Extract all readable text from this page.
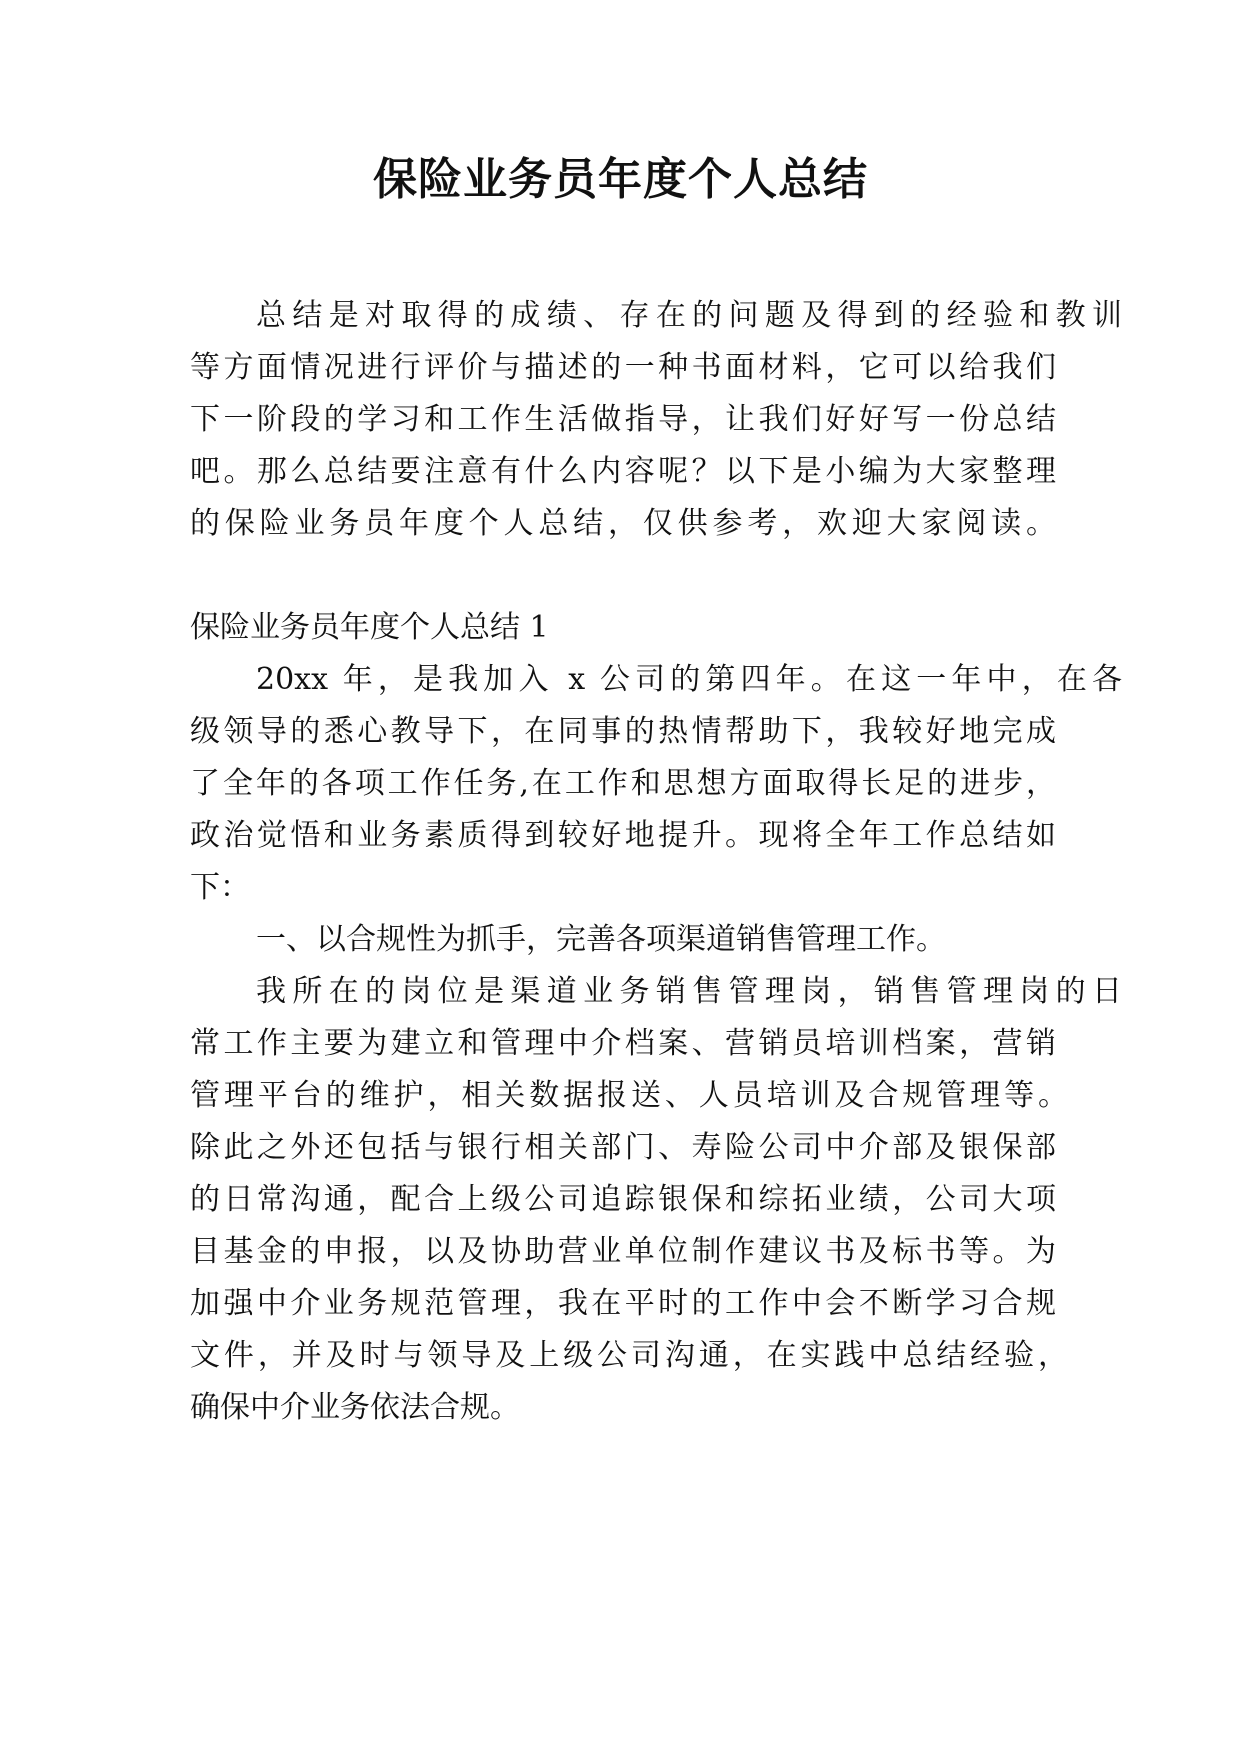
保险业务员年度个人总结
总结是对取得的成绩、存在的问题及得到的经验和教训
等方面情况进行评价与描述的一种书面材料，它可以给我们
下一阶段的学习和工作生活做指导，让我们好好写一份总结
吧。那么总结要注意有什么内容呢？以下是小编为大家整理
的保险业务员年度个人总结，仅供参考，欢迎大家阅读。
保险业务员年度个人总结 1
20xx 年，是我加入 x 公司的第四年。在这一年中，在各
级领导的悉心教导下，在同事的热情帮助下，我较好地完成
了全年的各项工作任务,在工作和思想方面取得长足的进步，
政治觉悟和业务素质得到较好地提升。现将全年工作总结如
下：
一、以合规性为抓手，完善各项渠道销售管理工作。
我所在的岗位是渠道业务销售管理岗，销售管理岗的日
常工作主要为建立和管理中介档案、营销员培训档案，营销
管理平台的维护，相关数据报送、人员培训及合规管理等。
除此之外还包括与银行相关部门、寿险公司中介部及银保部
的日常沟通，配合上级公司追踪银保和综拓业绩，公司大项
目基金的申报，以及协助营业单位制作建议书及标书等。为
加强中介业务规范管理，我在平时的工作中会不断学习合规
文件，并及时与领导及上级公司沟通，在实践中总结经验，
确保中介业务依法合规。
